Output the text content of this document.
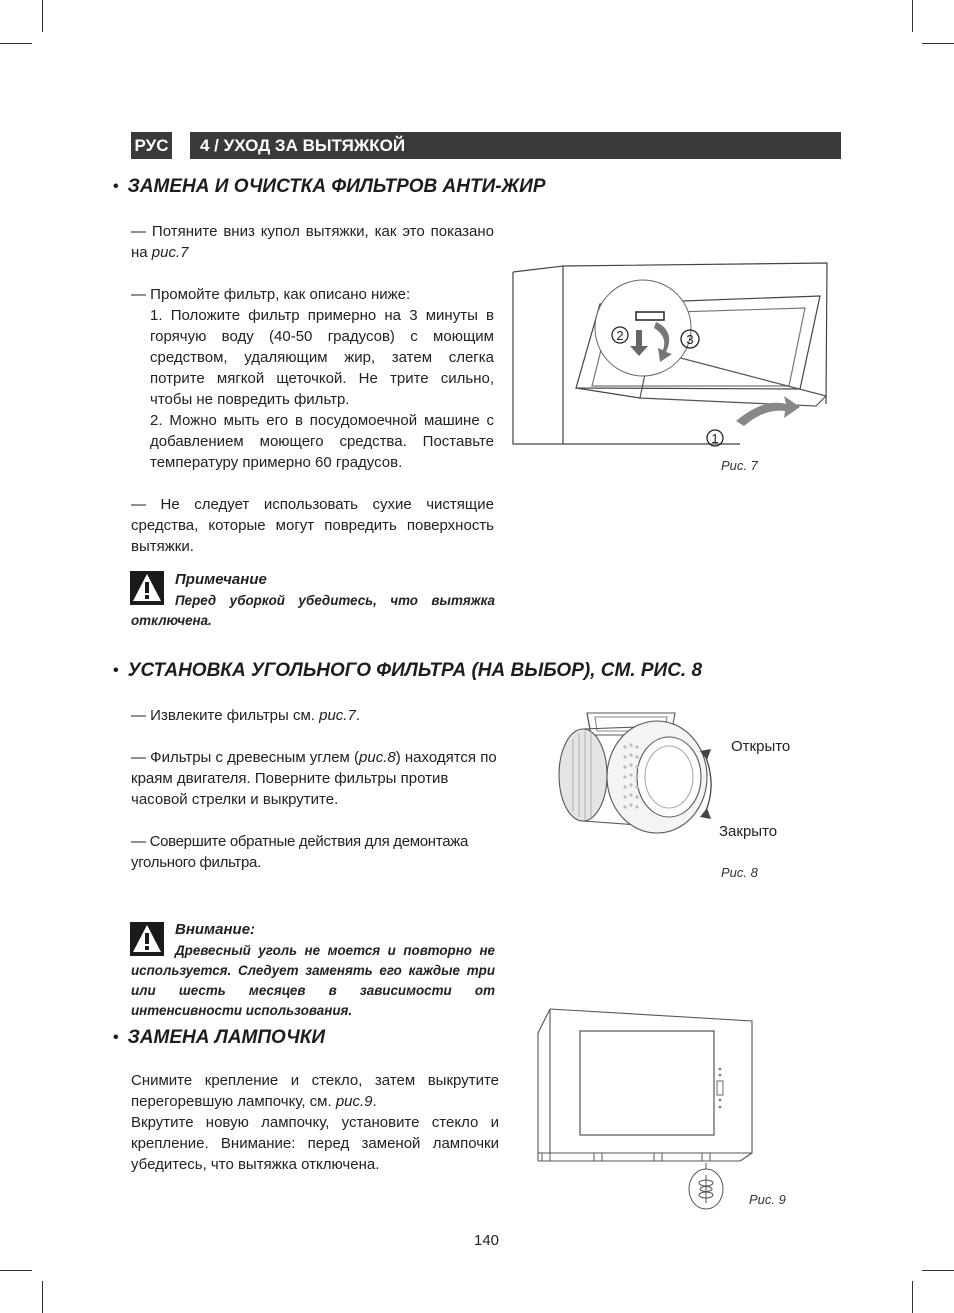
РУС	4 / УХОД ЗА ВЫТЯЖКОЙ
• ЗАМЕНА И ОЧИСТКА ФИЛЬТРОВ АНТИ-ЖИР

— Потяните вниз купол вытяжки, как это показано на рис.7

— Промойте фильтр, как описано ниже:

1. Положите фильтр примерно на 3 минуты в горячую воду (40-50 градусов) с моющим средством, удаляющим жир, затем слегка потрите мягкой щеточкой. Не трите сильно, чтобы не повредить фильтр.

2. Можно мыть его в посудомоечной машине с добавлением моющего средства. Поставьте температуру примерно 60 градусов.

— Не следует использовать сухие чистящие средства, которые могут повредить поверхность вытяжки.

Примечание
Перед уборкой убедитесь, что вытяжка отключена.
2	3
1
Рис. 7
• УСТАНОВКА УГОЛЬНОГО ФИЛЬТРА (НА ВЫБОР), СМ. РИС. 8

— Извлеките фильтры см. рис.7.

— Фильтры с древесным углем (рис.8) находятся по краям двигателя. Поверните фильтры против часовой стрелки и выкрутите.

— Совершите обратные действия для демонтажа угольного фильтра.

Внимание:
Древесный уголь не моется и повторно не используется. Следует заменять его каждые три или шесть месяцев в зависимости от интенсивности использования.
Открыто
Закрыто
Рис. 8
• ЗАМЕНА ЛАМПОЧКИ

Снимите крепление и стекло, затем выкрутите перегоревшую лампочку, см. рис.9.

Вкрутите новую лампочку, установите стекло и крепление. Внимание: перед заменой лампочки убедитесь, что вытяжка отключена.

Рис. 9
140
